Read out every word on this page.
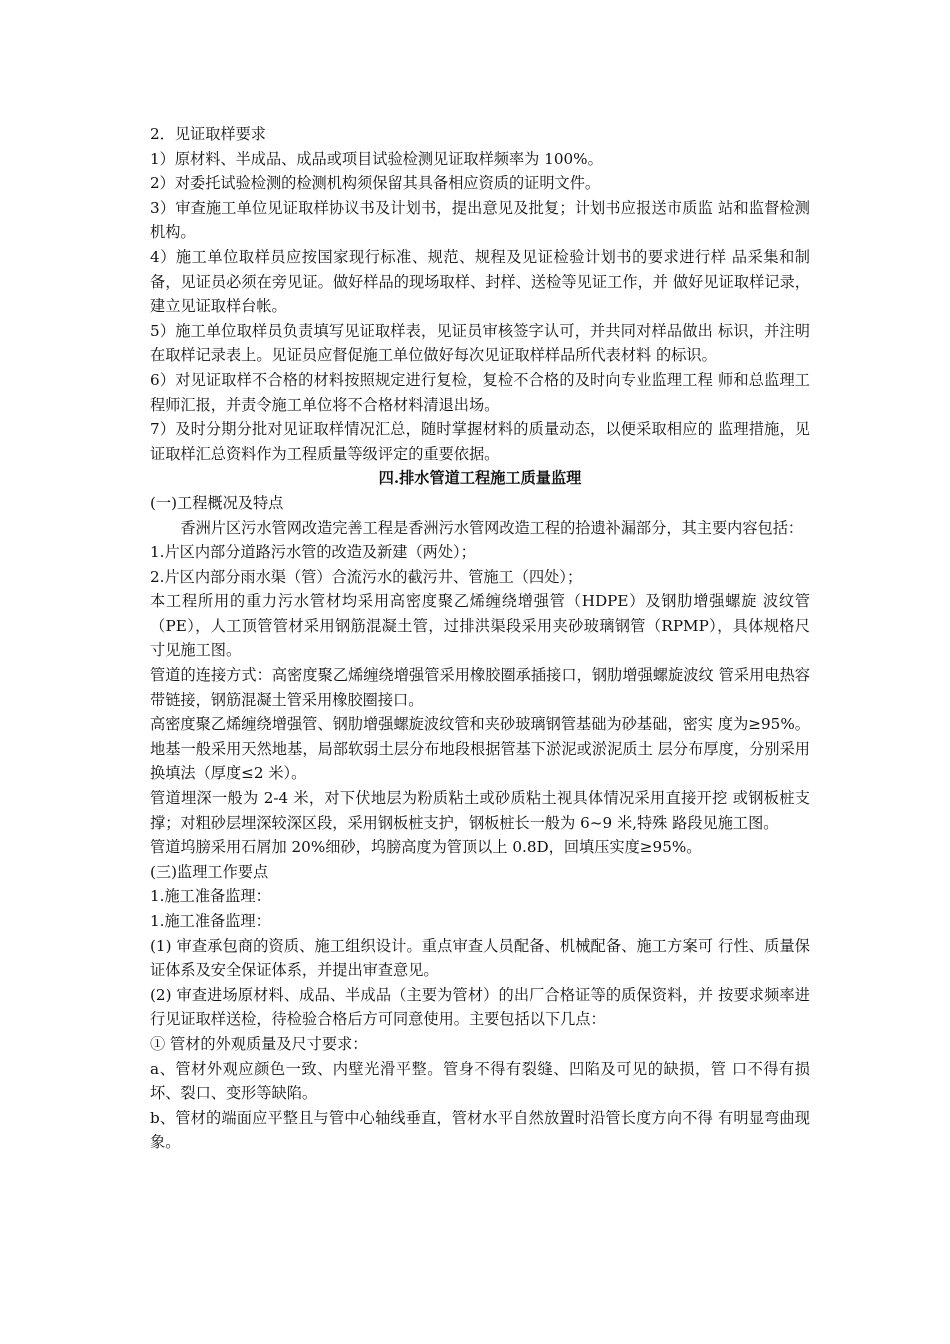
2．见证取样要求

1）原材料、半成品、成品或项目试验检测见证取样频率为 100%。

2）对委托试验检测的检测机构须保留其具备相应资质的证明文件。

3）审查施工单位见证取样协议书及计划书，提出意见及批复；计划书应报送市质监 站和监督检测机构。

4）施工单位取样员应按国家现行标准、规范、规程及见证检验计划书的要求进行样 品采集和制备，见证员必须在旁见证。做好样品的现场取样、封样、送检等见证工作，并 做好见证取样记录，建立见证取样台帐。

5）施工单位取样员负责填写见证取样表，见证员审核签字认可，并共同对样品做出 标识，并注明在取样记录表上。见证员应督促施工单位做好每次见证取样样品所代表材料 的标识。

6）对见证取样不合格的材料按照规定进行复检，复检不合格的及时向专业监理工程 师和总监理工程师汇报，并责令施工单位将不合格材料清退出场。

7）及时分期分批对见证取样情况汇总，随时掌握材料的质量动态，以便采取相应的 监理措施，见证取样汇总资料作为工程质量等级评定的重要依据。

四.排水管道工程施工质量监理

(一)工程概况及特点

香洲片区污水管网改造完善工程是香洲污水管网改造工程的拾遗补漏部分，其主要内容包括：

1.片区内部分道路污水管的改造及新建（两处）；

2.片区内部分雨水渠（管）合流污水的截污井、管施工（四处）；

本工程所用的重力污水管材均采用高密度聚乙烯缠绕增强管（HDPE）及钢肋增强螺旋 波纹管（PE），人工顶管管材采用钢筋混凝土管，过排洪渠段采用夹砂玻璃钢管（RPMP），具体规格尺寸见施工图。

管道的连接方式：高密度聚乙烯缠绕增强管采用橡胶圈承插接口，钢肋增强螺旋波纹 管采用电热容带链接，钢筋混凝土管采用橡胶圈接口。

高密度聚乙烯缠绕增强管、钢肋增强螺旋波纹管和夹砂玻璃钢管基础为砂基础，密实 度为≥95%。地基一般采用天然地基，局部软弱土层分布地段根据管基下淤泥或淤泥质土 层分布厚度，分别采用换填法（厚度≤2 米）。

管道埋深一般为 2-4 米，对下伏地层为粉质粘土或砂质粘土视具体情况采用直接开挖 或钢板桩支撑；对粗砂层埋深较深区段，采用钢板桩支护，钢板桩长一般为 6~9 米,特殊 路段见施工图。

管道坞膀采用石屑加 20%细砂，坞膀高度为管顶以上 0.8D，回填压实度≥95%。

(三)监理工作要点

1.施工准备监理：

1.施工准备监理：

(1) 审查承包商的资质、施工组织设计。重点审查人员配备、机械配备、施工方案可 行性、质量保证体系及安全保证体系，并提出审查意见。

(2) 审查进场原材料、成品、半成品（主要为管材）的出厂合格证等的质保资料，并 按要求频率进行见证取样送检，待检验合格后方可同意使用。主要包括以下几点：

① 管材的外观质量及尺寸要求：

a、管材外观应颜色一致、内壁光滑平整。管身不得有裂缝、凹陷及可见的缺损，管 口不得有损坏、裂口、变形等缺陷。

b、管材的端面应平整且与管中心轴线垂直，管材水平自然放置时沿管长度方向不得 有明显弯曲现象。
